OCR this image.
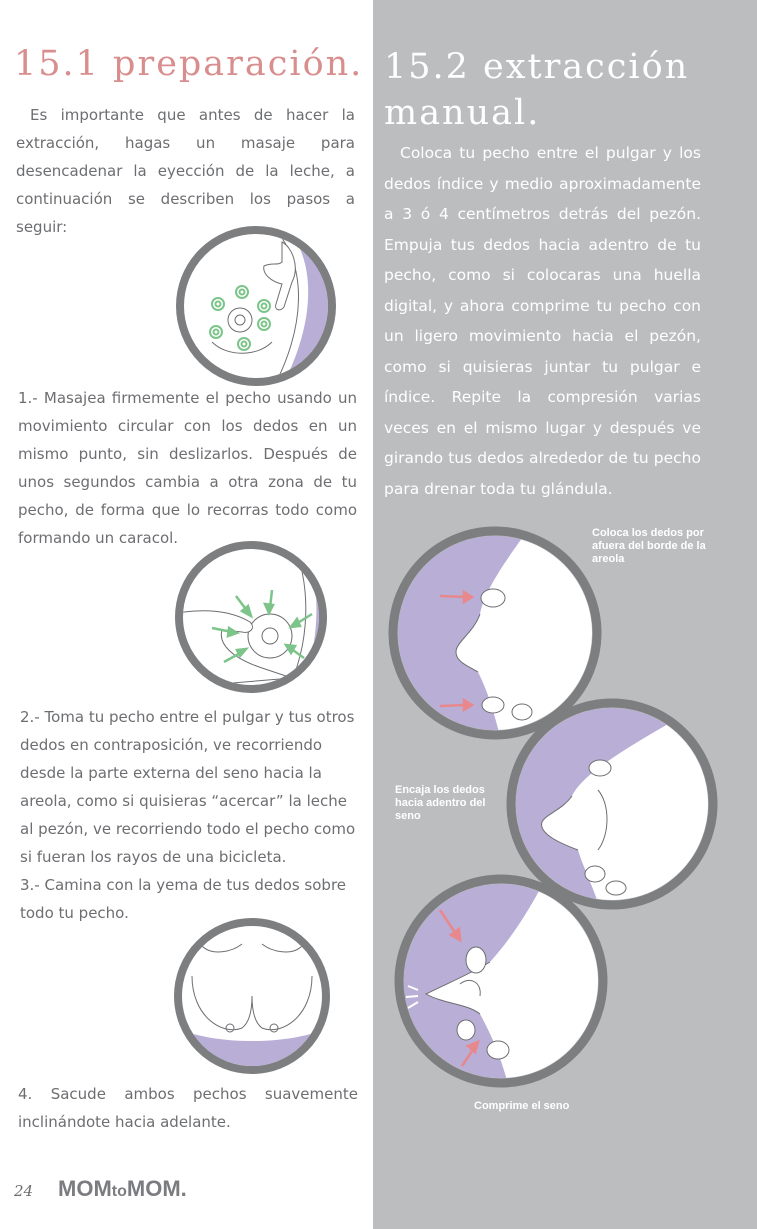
15.1 preparación.

Es importante que antes de hacer la extracción, hagas un masaje para desencadenar la eyección de la leche, a continuación se describen los pasos a seguir:

1.- Masajea firmemente el pecho usando un movimiento circular con los dedos en un mismo punto, sin deslizarlos. Después de unos segundos cambia a otra zona de tu pecho, de forma que lo recorras todo como formando un caracol.

2.- Toma tu pecho entre el pulgar y tus otros dedos en contraposición, ve recorriendo desde la parte externa del seno hacia la areola, como si quisieras “acercar” la leche al pezón, ve recorriendo todo el pecho como si fueran los rayos de una bicicleta.

3.- Camina con la yema de tus dedos sobre todo tu pecho.

4. Sacude ambos pechos suavemente inclinándote hacia adelante.

24 MOMtoMOM.
15.2 extracción manual.

Coloca tu pecho entre el pulgar y los dedos índice y medio aproximadamente a 3 ó 4 centímetros detrás del pezón. Empuja tus dedos hacia adentro de tu pecho, como si colocaras una huella digital, y ahora comprime tu pecho con un ligero movimiento hacia el pezón, como si quisieras juntar tu pulgar e índice. Repite la compresión varias veces en el mismo lugar y después ve girando tus dedos alrededor de tu pecho para drenar toda tu glándula.

Coloca los dedos por afuera del borde de la areola
Encaja los dedos hacia adentro del seno
Comprime el seno
